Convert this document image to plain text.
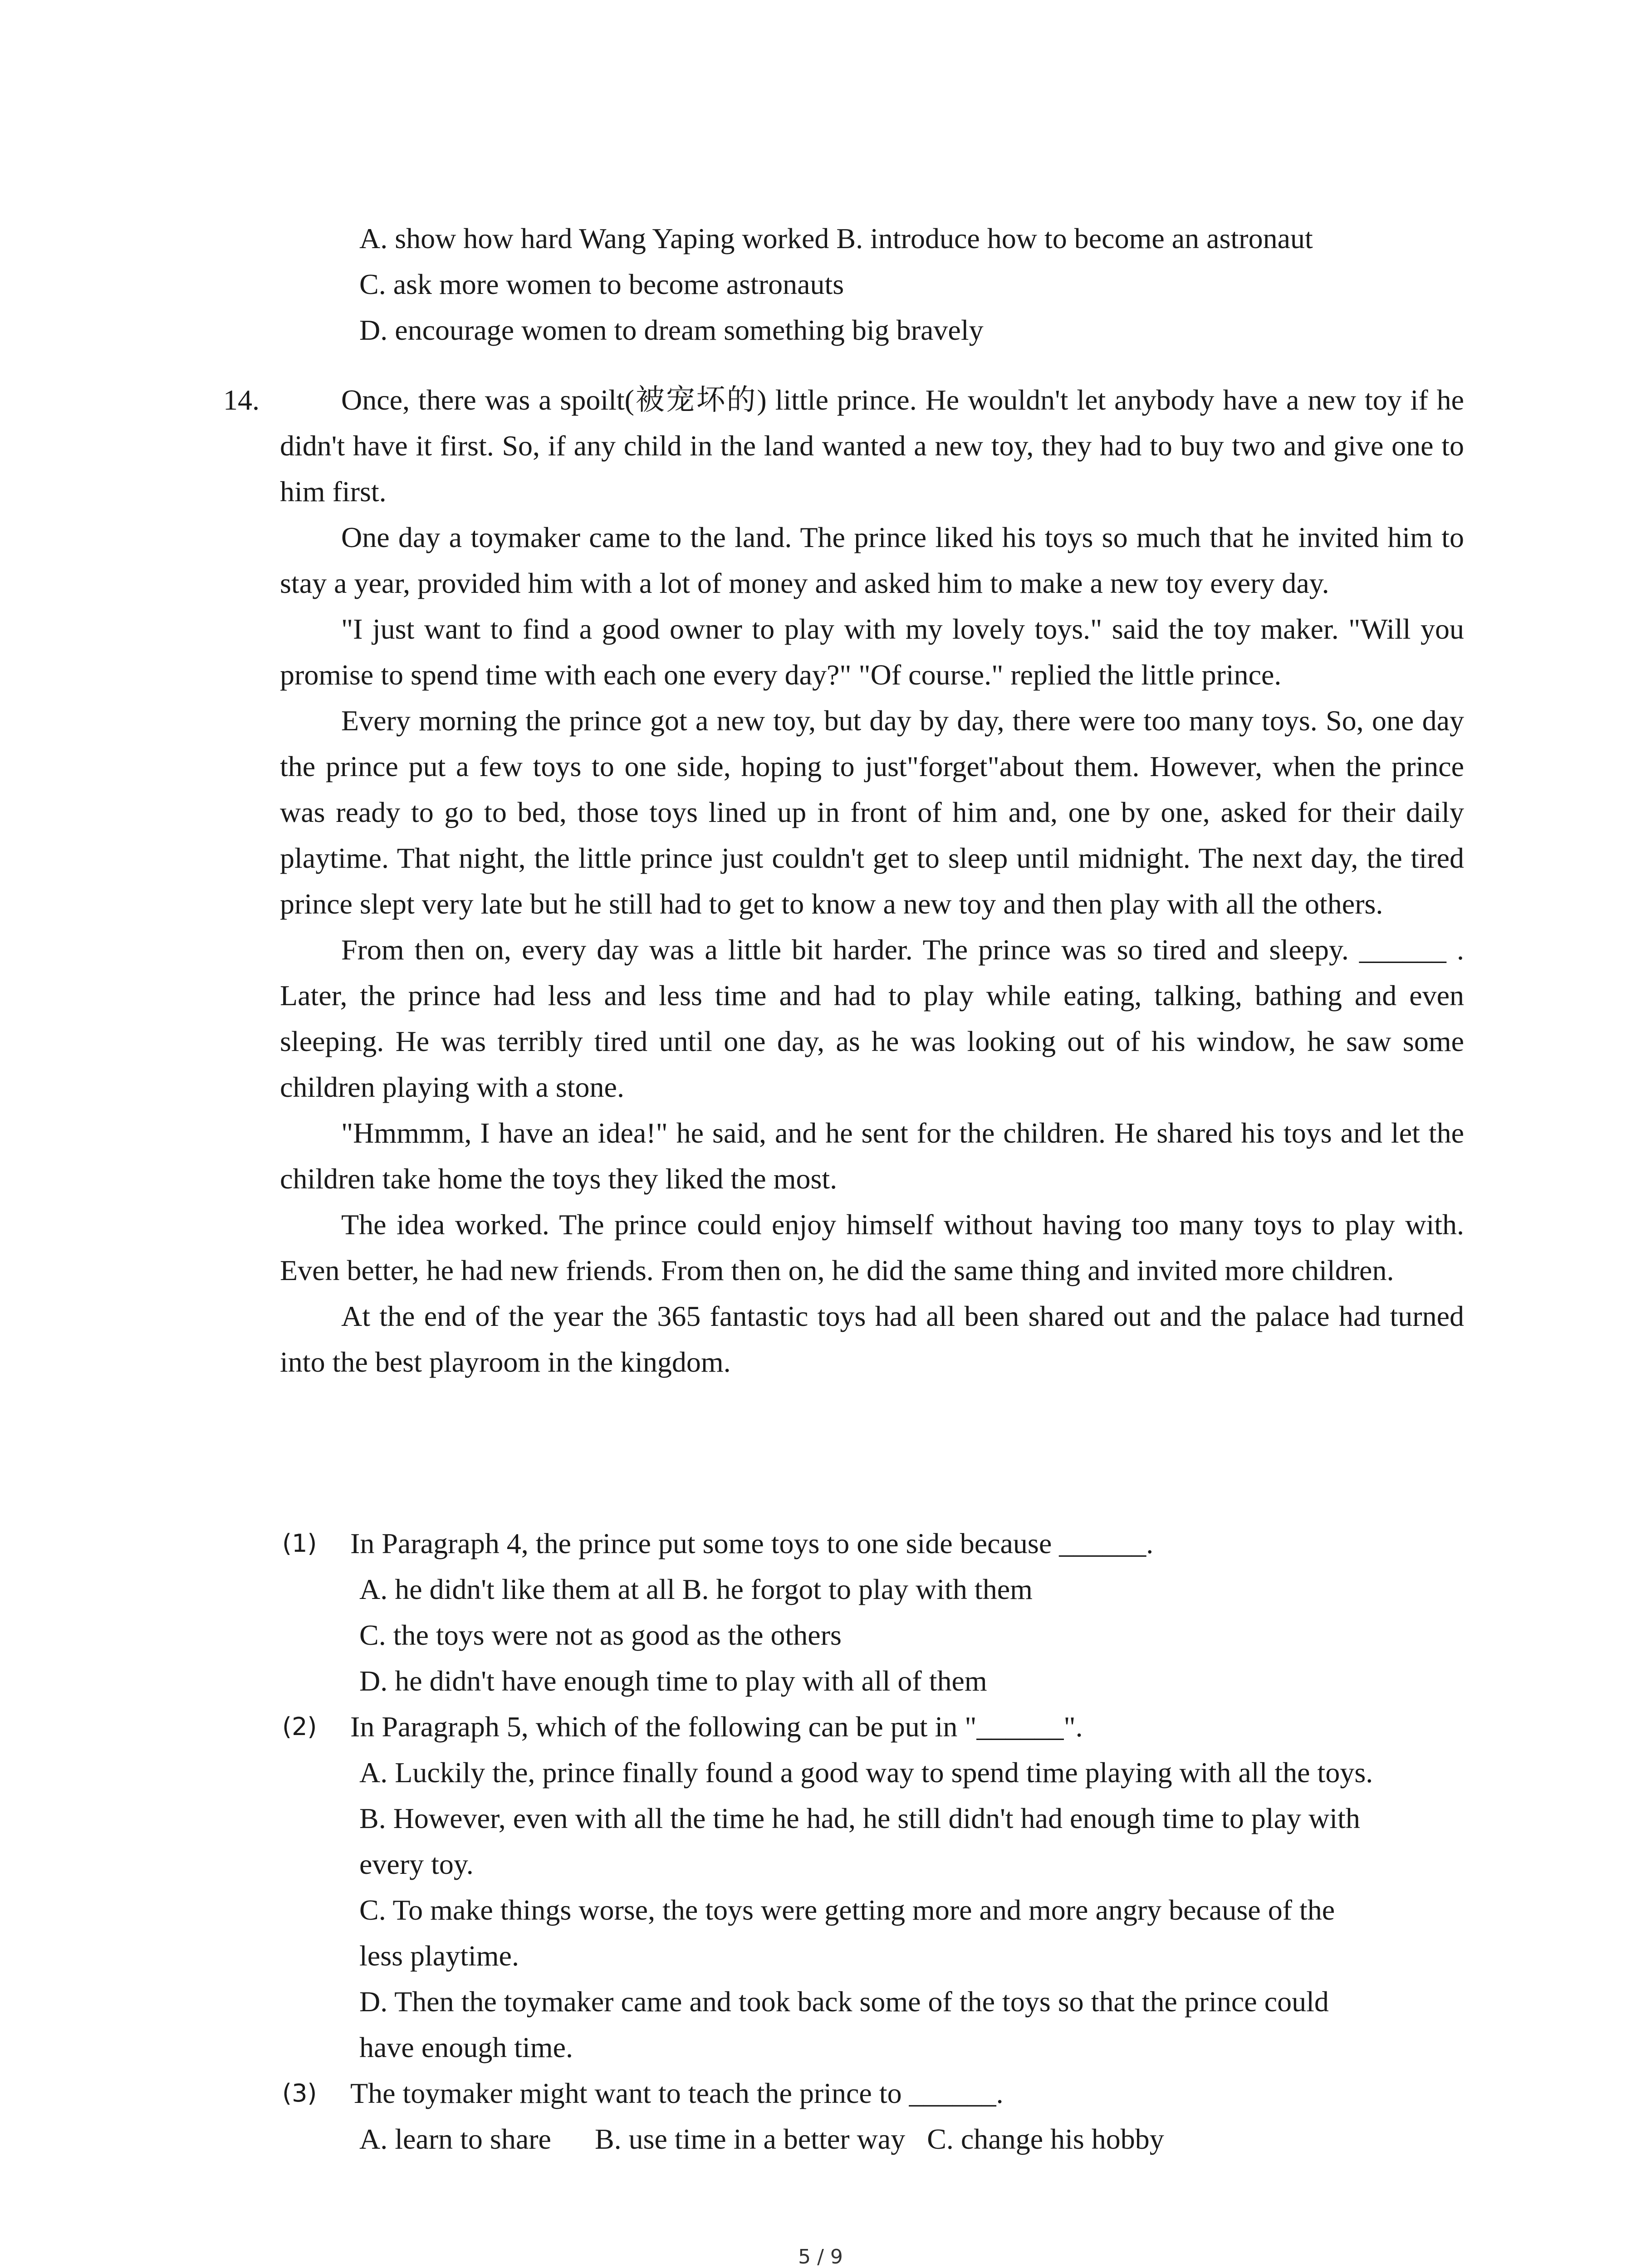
A. show how hard Wang Yaping worked B. introduce how to become an astronaut
C. ask more women to become astronauts
D. encourage women to dream something big bravely
14.	Once, there was a spoilt(被宠坏的) little prince. He wouldn't let anybody have a new toy if he didn't have it first. So, if any child in the land wanted a new toy, they had to buy two and give one to him first.

One day a toymaker came to the land. The prince liked his toys so much that he invited him to stay a year, provided him with a lot of money and asked him to make a new toy every day.

"I just want to find a good owner to play with my lovely toys." said the toy maker. "Will you promise to spend time with each one every day?" "Of course." replied the little prince.

Every morning the prince got a new toy, but day by day, there were too many toys. So, one day the prince put a few toys to one side, hoping to just"forget"about them. However, when the prince was ready to go to bed, those toys lined up in front of him and, one by one, asked for their daily playtime. That night, the little prince just couldn't get to sleep until midnight. The next day, the tired prince slept very late but he still had to get to know a new toy and then play with all the others.

From then on, every day was a little bit harder. The prince was so tired and sleepy. ______ . Later, the prince had less and less time and had to play while eating, talking, bathing and even sleeping. He was terribly tired until one day, as he was looking out of his window, he saw some children playing with a stone.

"Hmmmm, I have an idea!" he said, and he sent for the children. He shared his toys and let the children take home the toys they liked the most.

The idea worked. The prince could enjoy himself without having too many toys to play with. Even better, he had new friends. From then on, he did the same thing and invited more children.

At the end of the year the 365 fantastic toys had all been shared out and the palace had turned into the best playroom in the kingdom.

(1) In Paragraph 4, the prince put some toys to one side because ______.
A. he didn't like them at all B. he forgot to play with them
C. the toys were not as good as the others
D. he didn't have enough time to play with all of them
(2) In Paragraph 5, which of the following can be put in "______".
A. Luckily the, prince finally found a good way to spend time playing with all the toys.
B. However, even with all the time he had, he still didn't had enough time to play with
every toy.
C. To make things worse, the toys were getting more and more angry because of the
less playtime.
D. Then the toymaker came and took back some of the toys so that the prince could
have enough time.
(3) The toymaker might want to teach the prince to ______.
A. learn to share      B. use time in a better way   C. change his hobby
5 / 9
